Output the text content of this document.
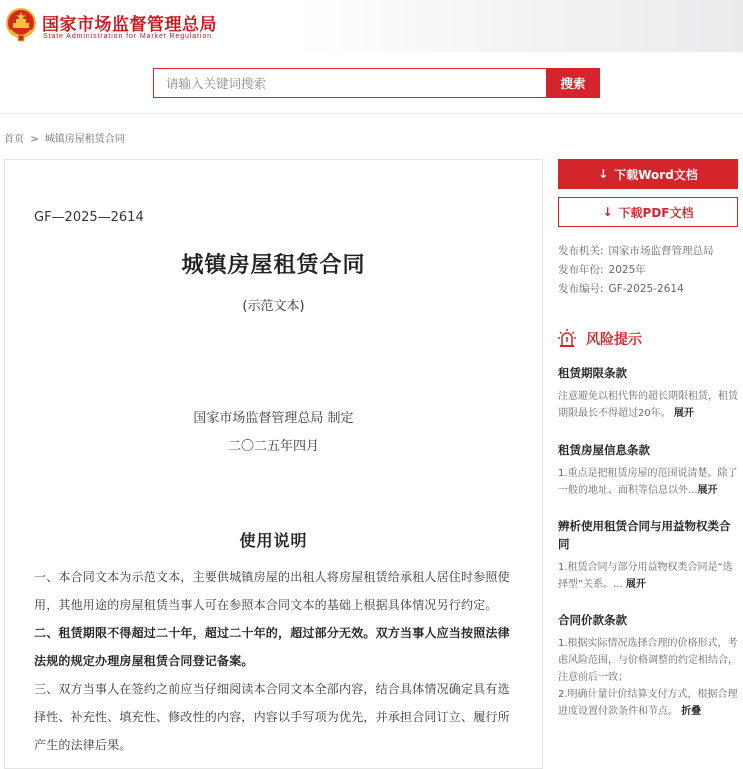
国家市场监督管理总局
State Administration for Market Regulation
请输入关键词搜索
搜索
首页 > 城镇房屋租赁合同
GF—2025—2614
城镇房屋租赁合同
(示范文本)
国家市场监督管理总局 制定
二〇二五年四月
使用说明

一、本合同文本为示范文本，主要供城镇房屋的出租人将房屋租赁给承租人居住时参照使用，其他用途的房屋租赁当事人可在参照本合同文本的基础上根据具体情况另行约定。

二、租赁期限不得超过二十年，超过二十年的，超过部分无效。双方当事人应当按照法律法规的规定办理房屋租赁合同登记备案。

三、双方当事人在签约之前应当仔细阅读本合同文本全部内容，结合具体情况确定具有选择性、补充性、填充性、修改性的内容，内容以手写项为优先，并承担合同订立、履行所产生的法律后果。

↓ 下载Word文档
↓ 下载PDF文档
发布机关: 国家市场监督管理总局
发布年份: 2025年
发布编号: GF-2025-2614
风险提示
租赁期限条款
注意避免以租代售的超长期限租赁，租赁期限最长不得超过20年。 展开
租赁房屋信息条款
1.重点是把租赁房屋的范围说清楚。除了一般的地址、面积等信息以外...展开
辨析使用租赁合同与用益物权类合同
1.租赁合同与部分用益物权类合同是“选择型”关系。... 展开
合同价款条款
1.根据实际情况选择合理的价格形式，考虑风险范围，与价格调整的约定相结合，注意前后一致；
2.明确计量计价结算支付方式，根据合理进度设置付款条件和节点。 折叠
